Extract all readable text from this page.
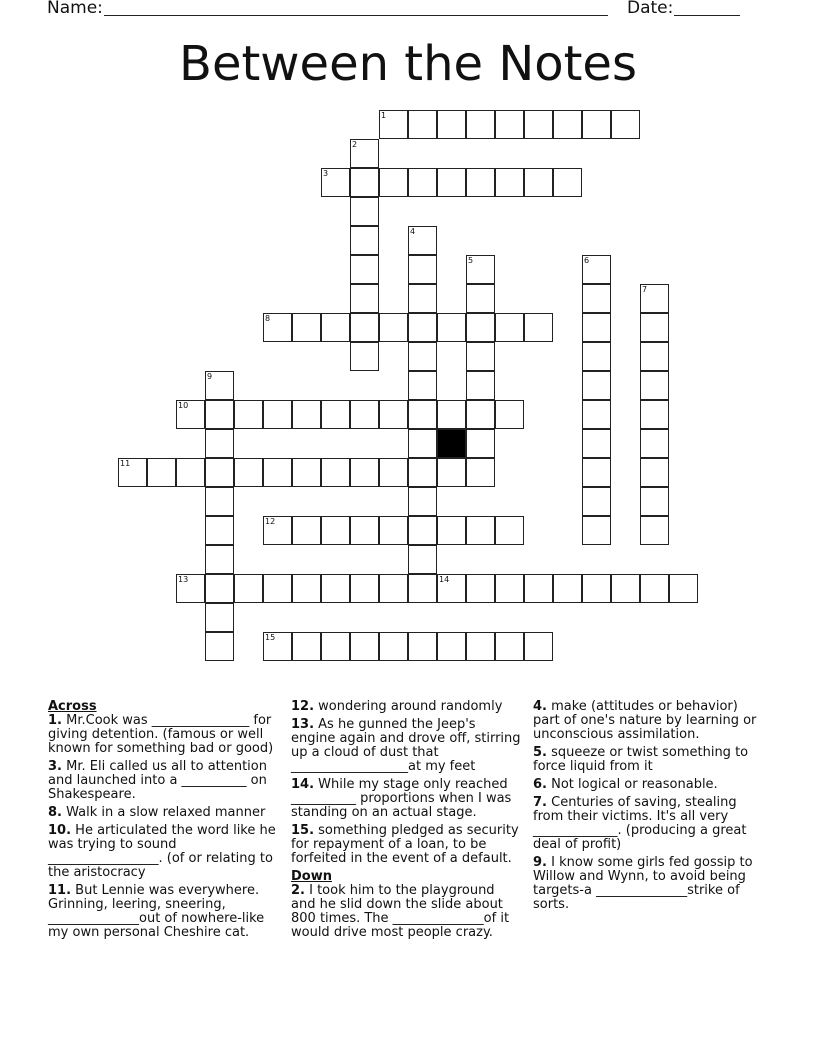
Name:	Date:
Between the Notes
1
2
3
4
5	6
7
8
9
10
11
12
13	14
15

Across

1. Mr.Cook was _______________ for giving detention. (famous or well known for something bad or good)

3. Mr. Eli called us all to attention and launched into a __________ on Shakespeare.

8. Walk in a slow relaxed manner

10. He articulated the word like he was trying to sound _________________. (of or relating to the aristocracy

11. But Lennie was everywhere. Grinning, leering, sneering, ______________out of nowhere-like my own personal Cheshire cat.

12. wondering around randomly

13. As he gunned the Jeep's engine again and drove off, stirring up a cloud of dust that __________________at my feet

14. While my stage only reached __________ proportions when I was standing on an actual stage.

15. something pledged as security for repayment of a loan, to be forfeited in the event of a default.

Down

2. I took him to the playground and he slid down the slide about 800 times. The ______________of it would drive most people crazy.

4. make (attitudes or behavior) part of one's nature by learning or unconscious assimilation.

5. squeeze or twist something to force liquid from it

6. Not logical or reasonable.

7. Centuries of saving, stealing from their victims. It's all very _____________. (producing a great deal of profit)

9. I know some girls fed gossip to Willow and Wynn, to avoid being targets-a ______________strike of sorts.
